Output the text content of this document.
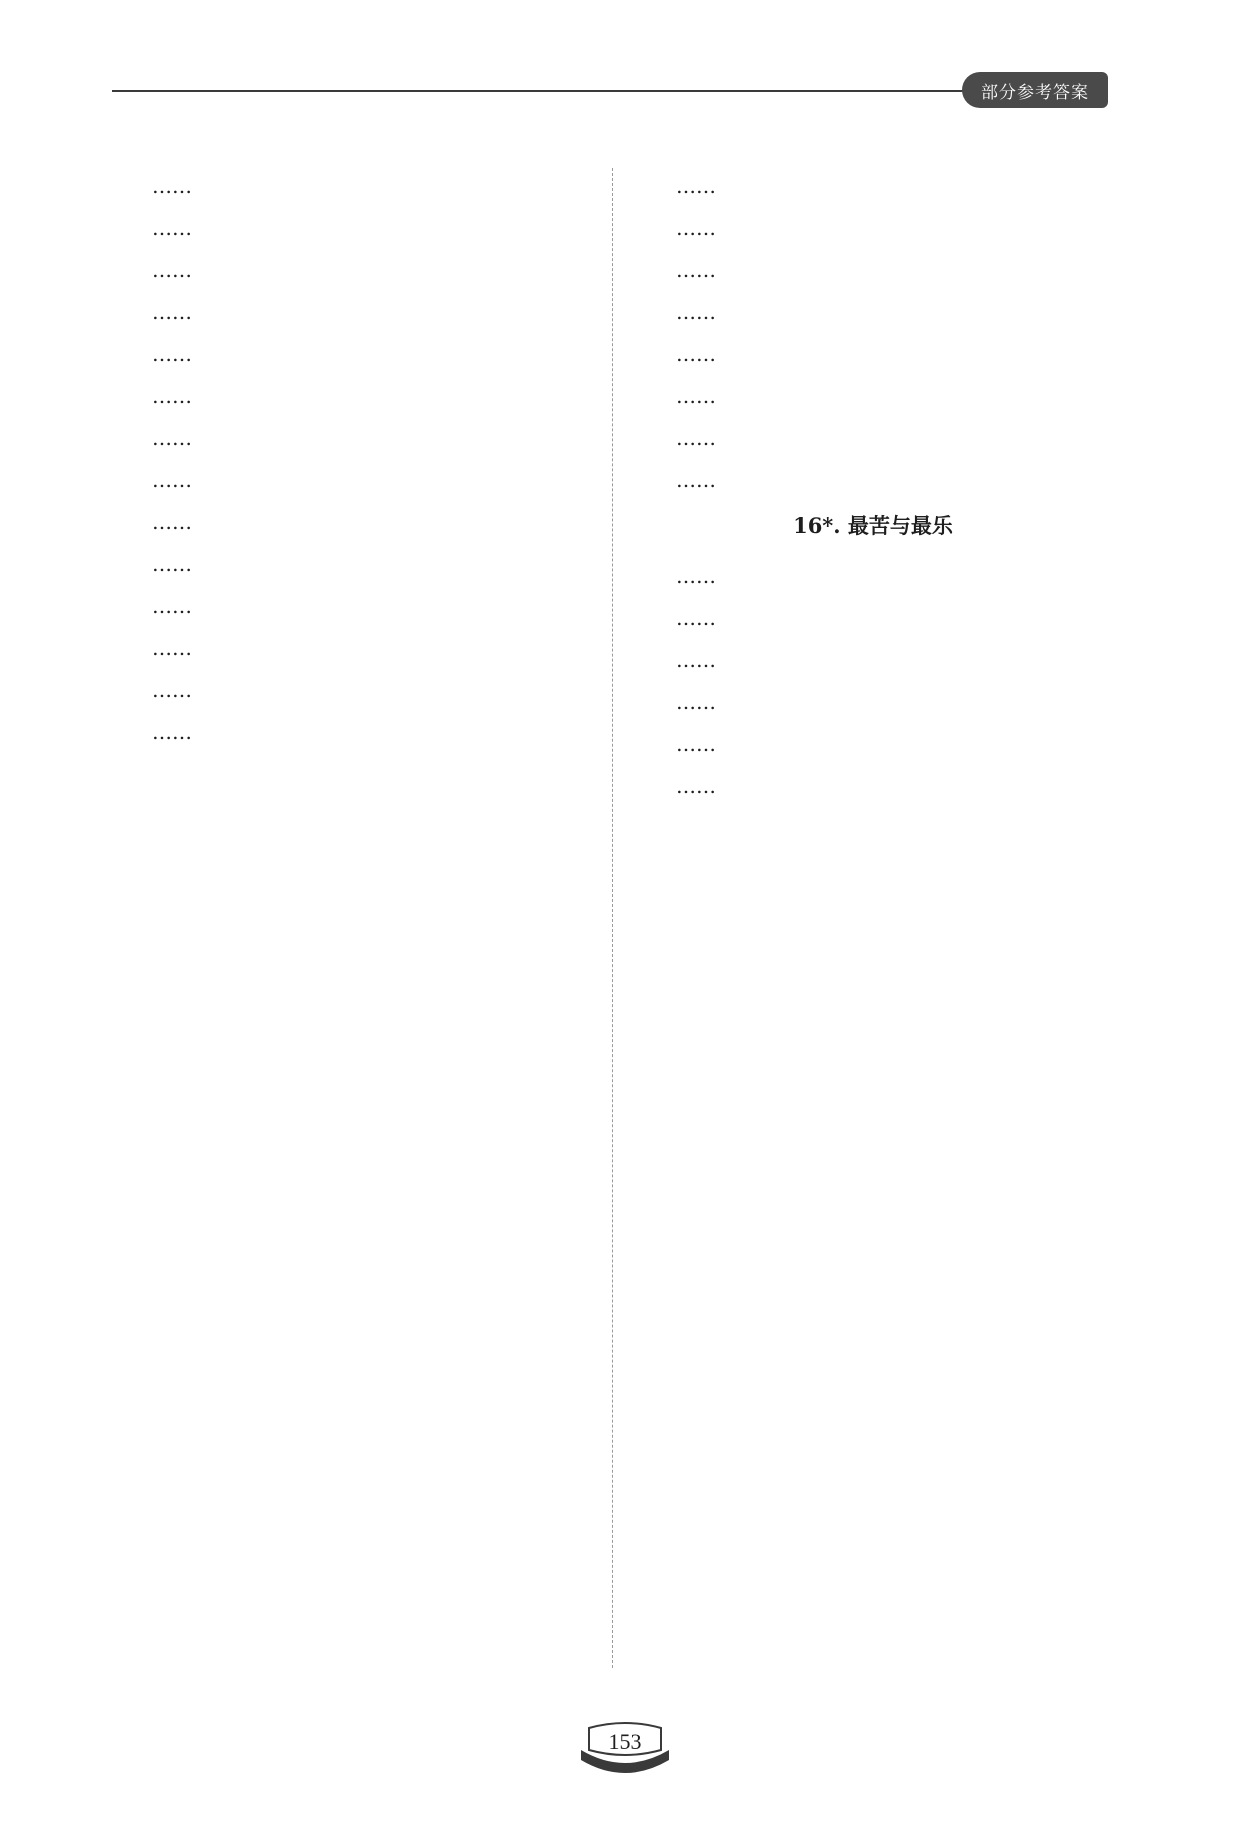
部分参考答案

……

……

……

……

……

……

……

……

……

……

……

……

……

……

……

……

……

……

……

……

……

……

16*. 最苦与最乐

……

……

……

……

……

……

153
